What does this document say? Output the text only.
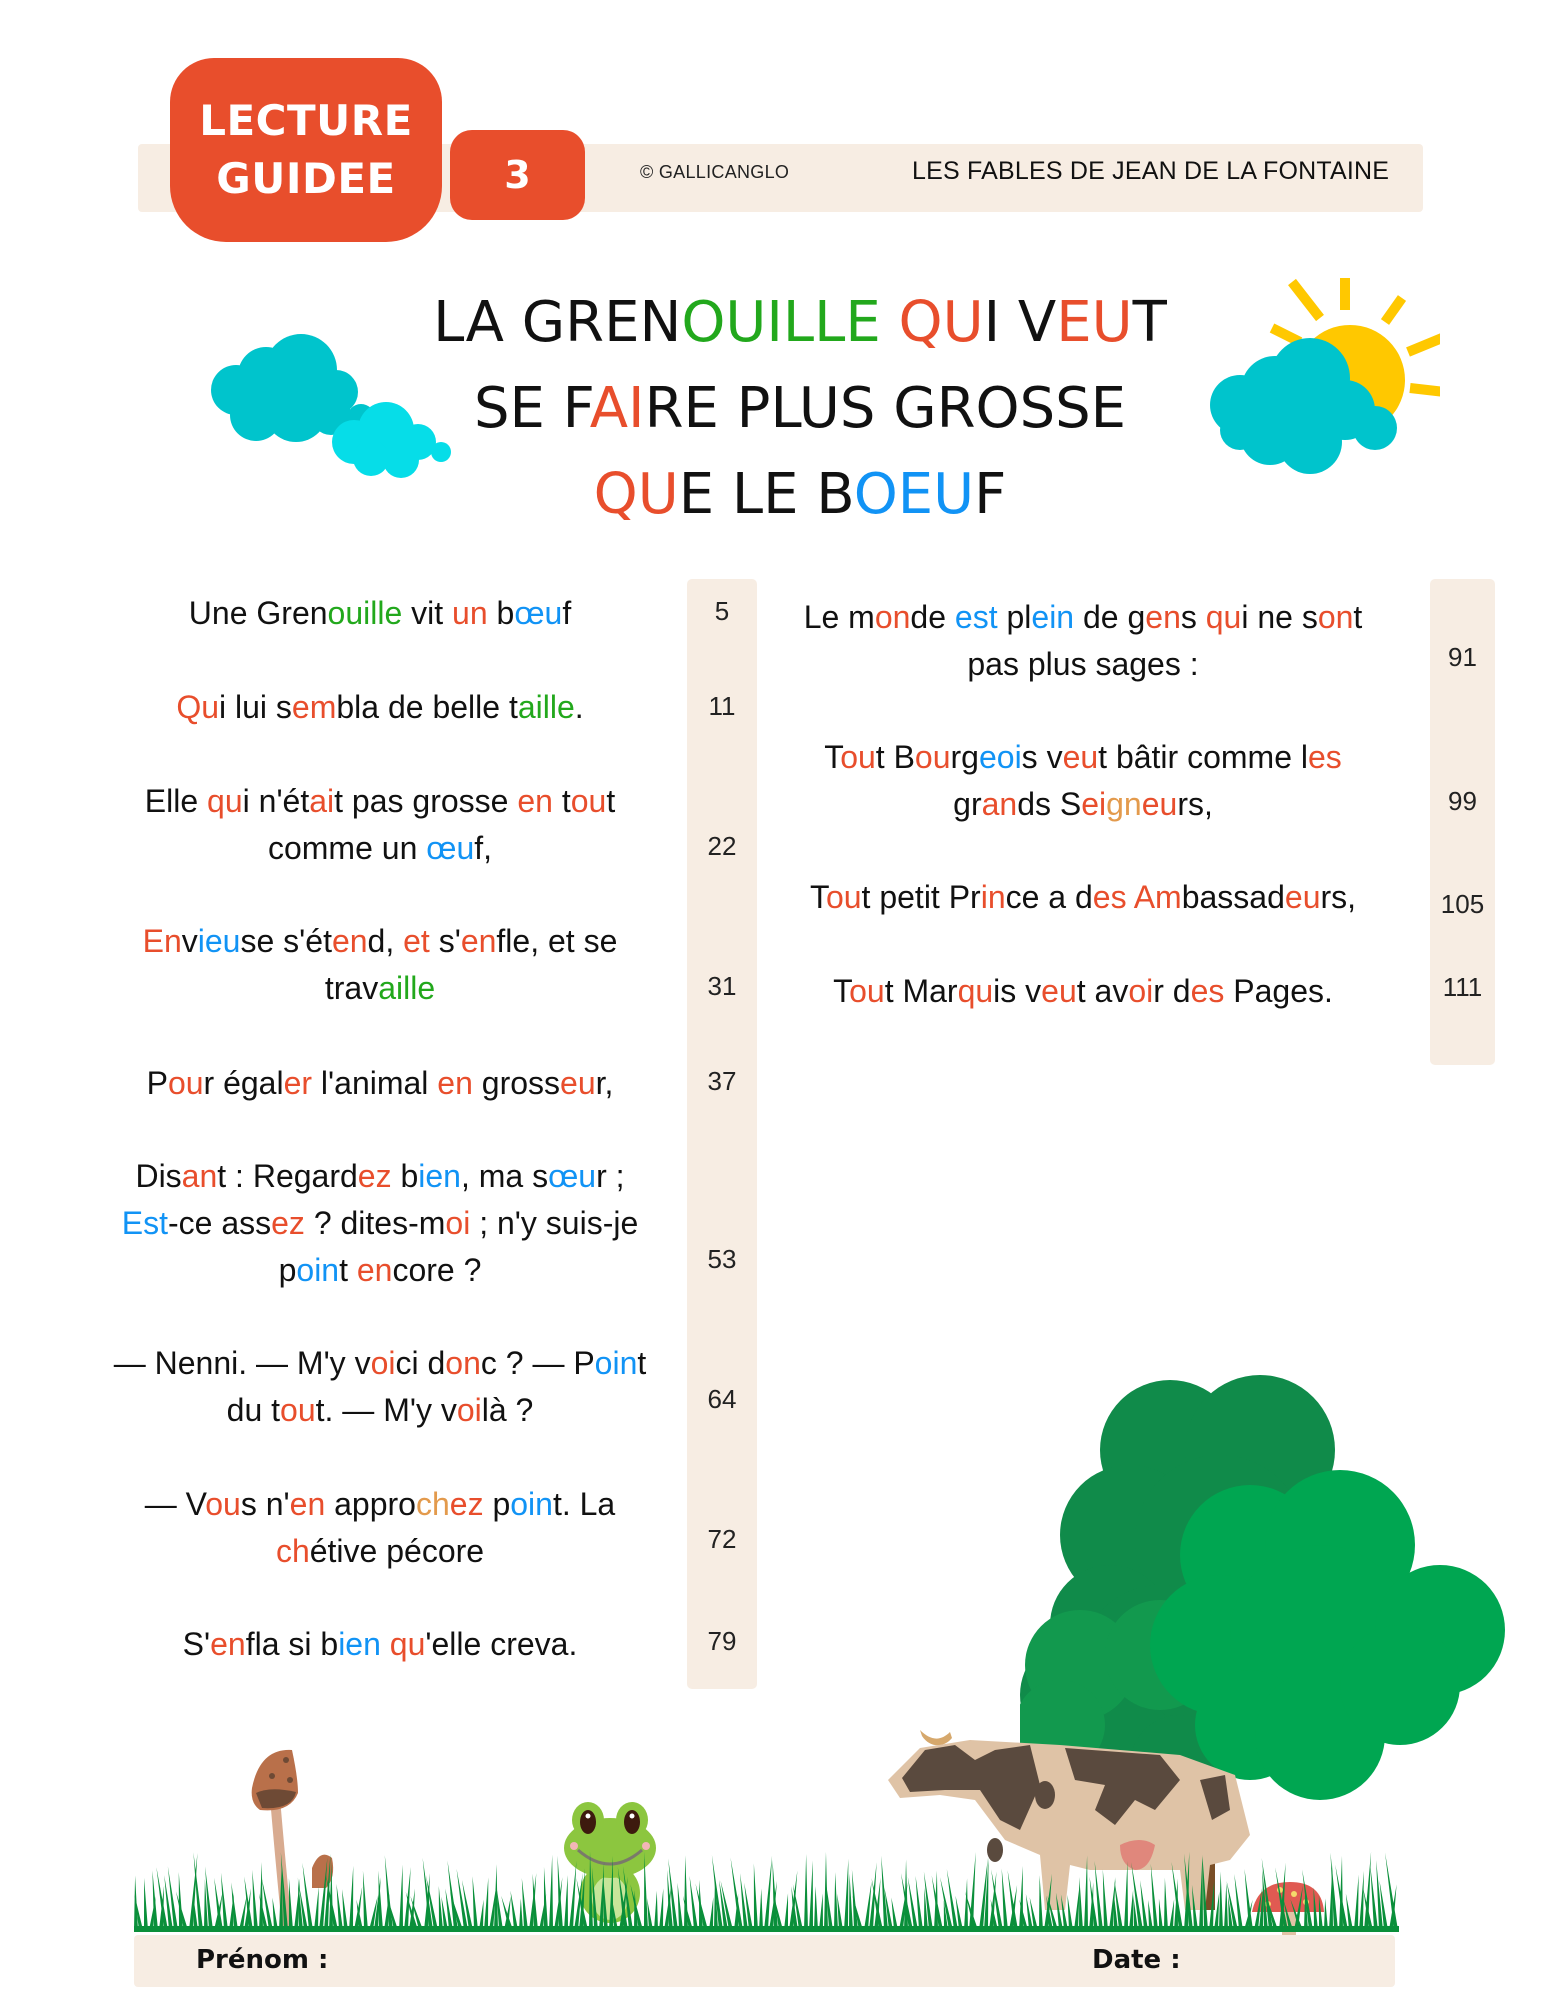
LECTURE
GUIDEE	3	© GALLICANGLO	LES FABLES DE JEAN DE LA FONTAINE
LA GRENOUILLE QUI VEUT
SE FAIRE PLUS GROSSE
QUE LE BOEUF
Une Grenouille vit un bœuf	5
Qui lui sembla de belle taille.	11
Elle qui n'était pas grosse en tout
comme un œuf,	22
Envieuse s'étend, et s'enfle, et se
travaille	31
Pour égaler l'animal en grosseur,	37
Disant : Regardez bien, ma sœur ;
Est-ce assez ? dites-moi ; n'y suis-je
point encore ?	53
— Nenni. — M'y voici donc ? — Point
du tout. — M'y voilà ?	64
— Vous n'en approchez point. La
chétive pécore	72
S'enfla si bien qu'elle creva.	79
Le monde est plein de gens qui ne sont
pas plus sages :	91
Tout Bourgeois veut bâtir comme les
grands Seigneurs,	99
Tout petit Prince a des Ambassadeurs,	105
Tout Marquis veut avoir des Pages.	111
Prénom :	Date :
